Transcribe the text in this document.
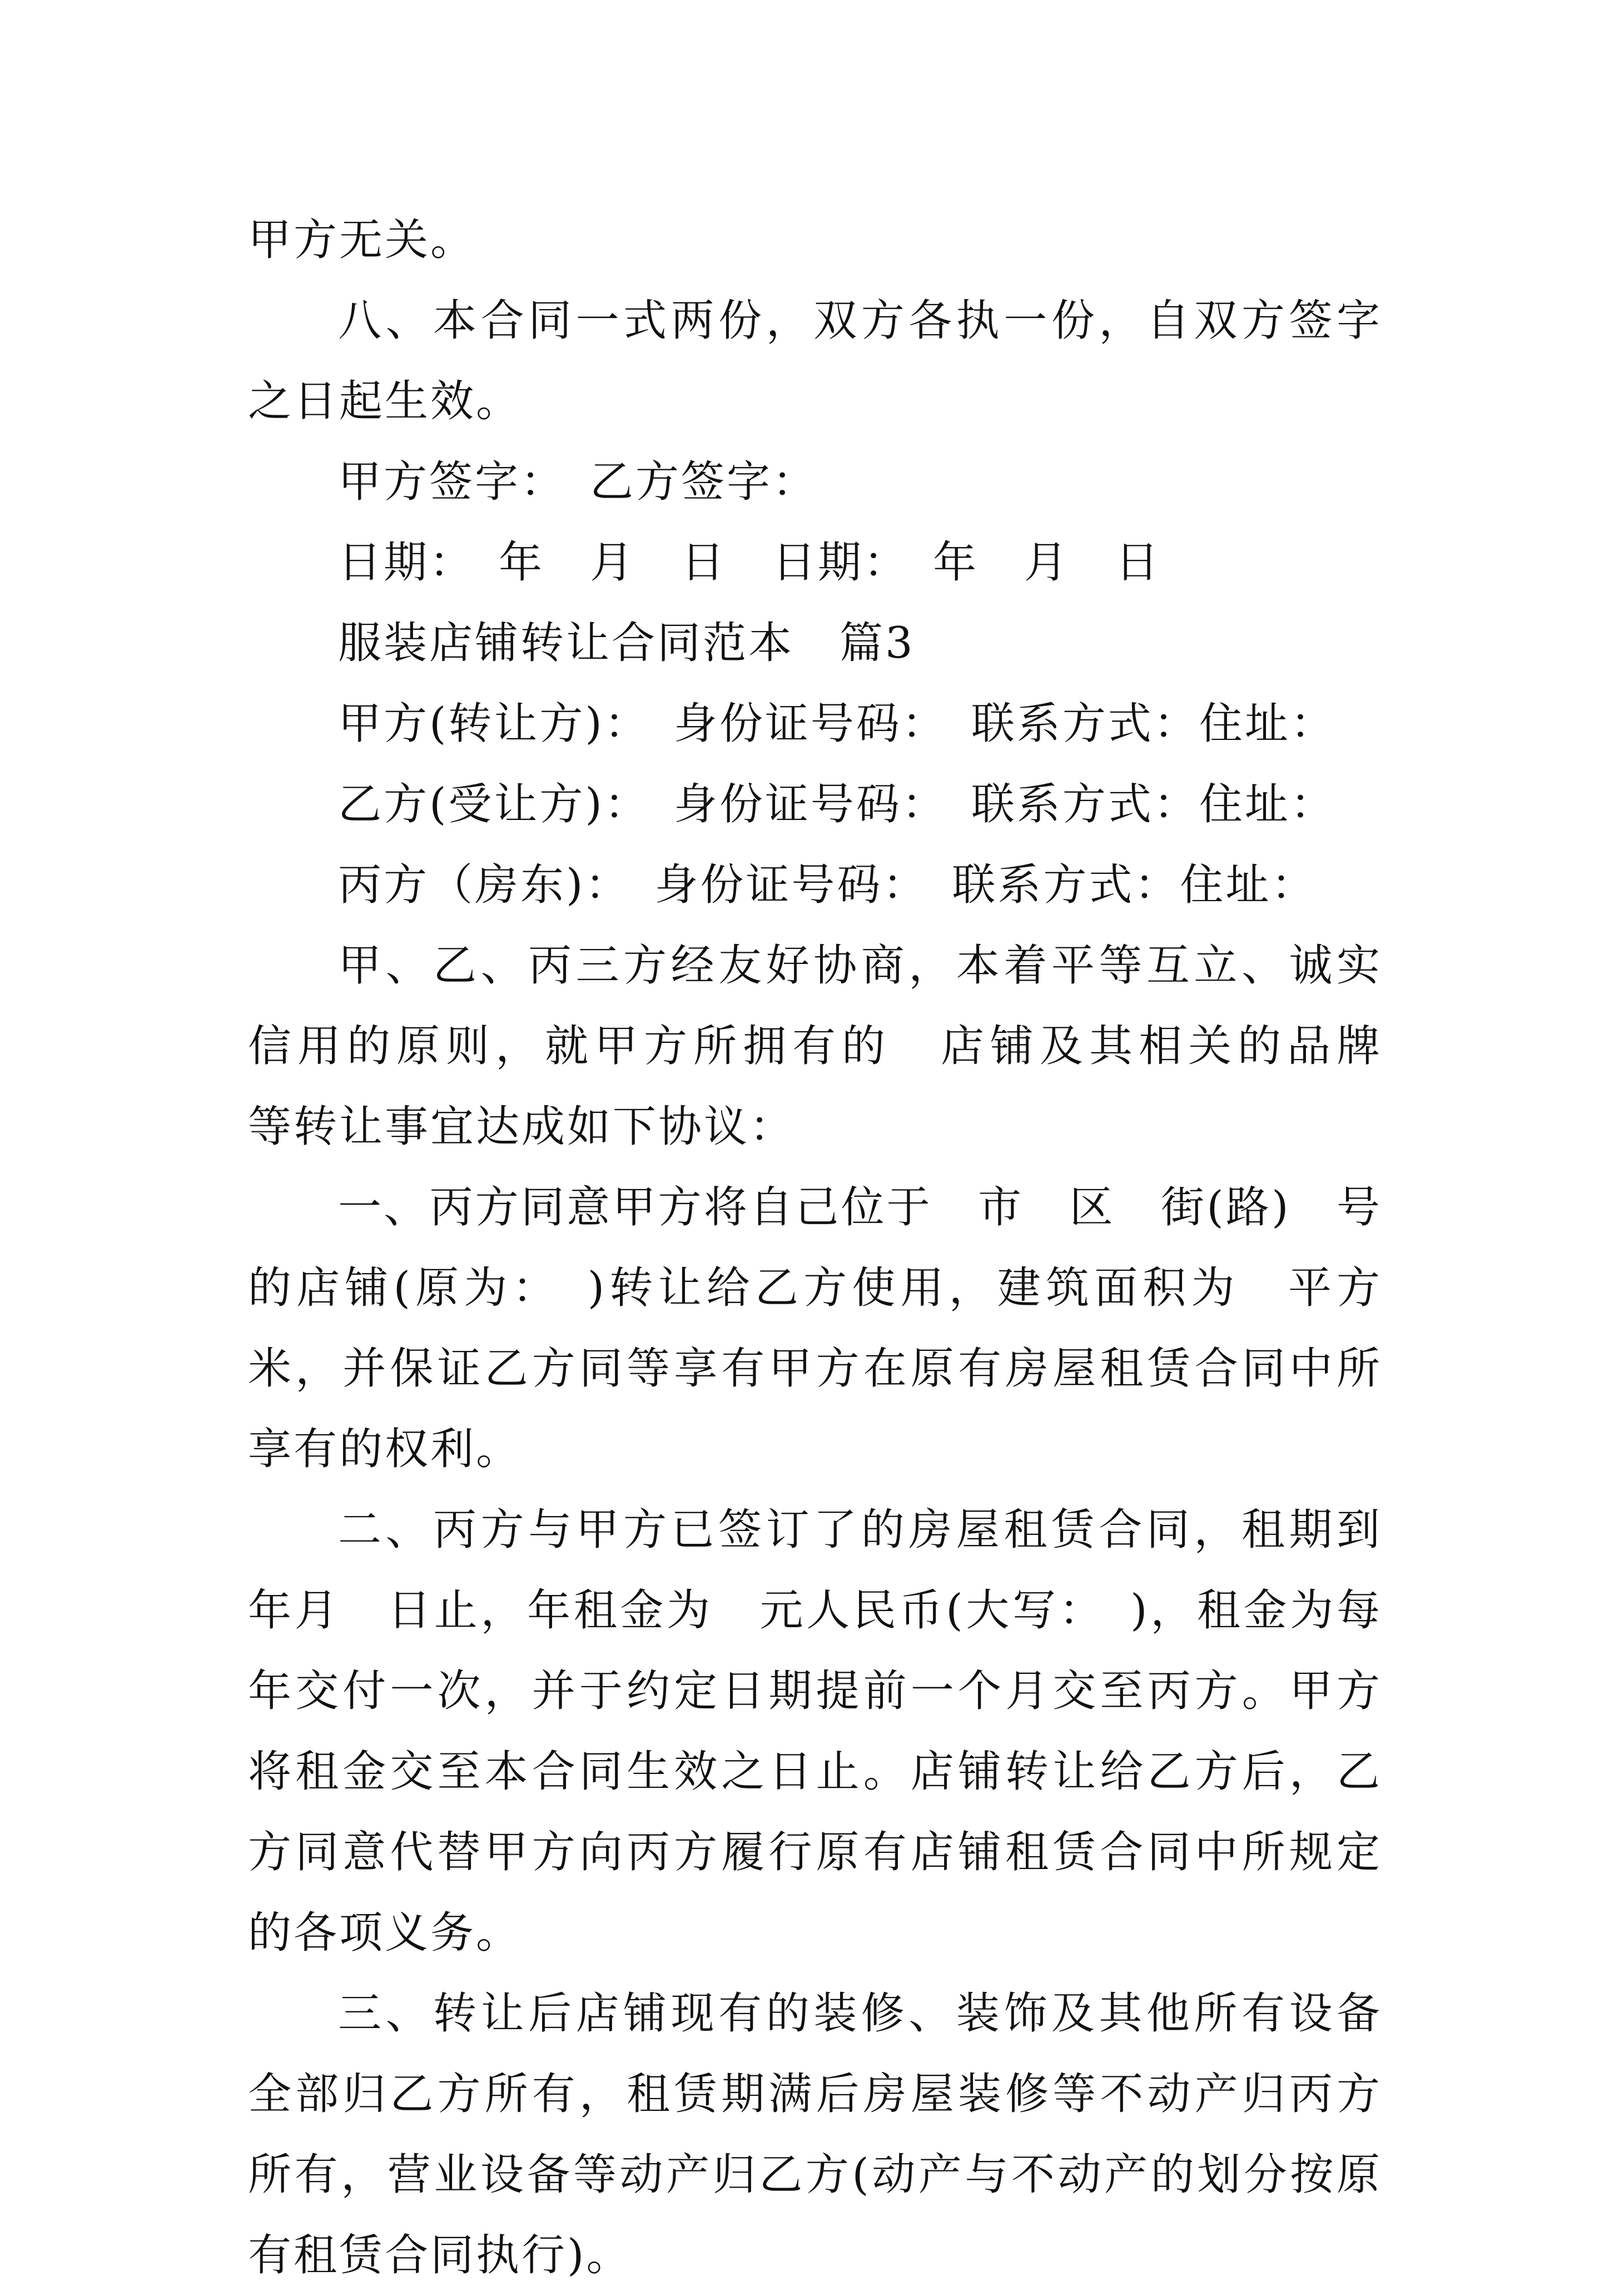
甲方无关。

八、本合同一式两份，双方各执一份，自双方签字之日起生效。

甲方签字：　乙方签字：

日期：　年　月　日　日期：　年　月　日

服装店铺转让合同范本　篇3

甲方(转让方)：　身份证号码：　联系方式：住址：

乙方(受让方)：　身份证号码：　联系方式：住址：

丙方（房东)：　身份证号码：　联系方式：住址：

甲、乙、丙三方经友好协商，本着平等互立、诚实信用的原则，就甲方所拥有的　店铺及其相关的品牌　等转让事宜达成如下协议：

一、丙方同意甲方将自己位于　市　区　街(路)　号的店铺(原为：　)转让给乙方使用，建筑面积为　平方米，并保证乙方同等享有甲方在原有房屋租赁合同中所享有的权利。

二、丙方与甲方已签订了的房屋租赁合同，租期到　年月　日止，年租金为　元人民币(大写：　)，租金为每年交付一次，并于约定日期提前一个月交至丙方。甲方将租金交至本合同生效之日止。店铺转让给乙方后，乙方同意代替甲方向丙方履行原有店铺租赁合同中所规定的各项义务。

三、转让后店铺现有的装修、装饰及其他所有设备全部归乙方所有，租赁期满后房屋装修等不动产归丙方所有，营业设备等动产归乙方(动产与不动产的划分按原有租赁合同执行)。
